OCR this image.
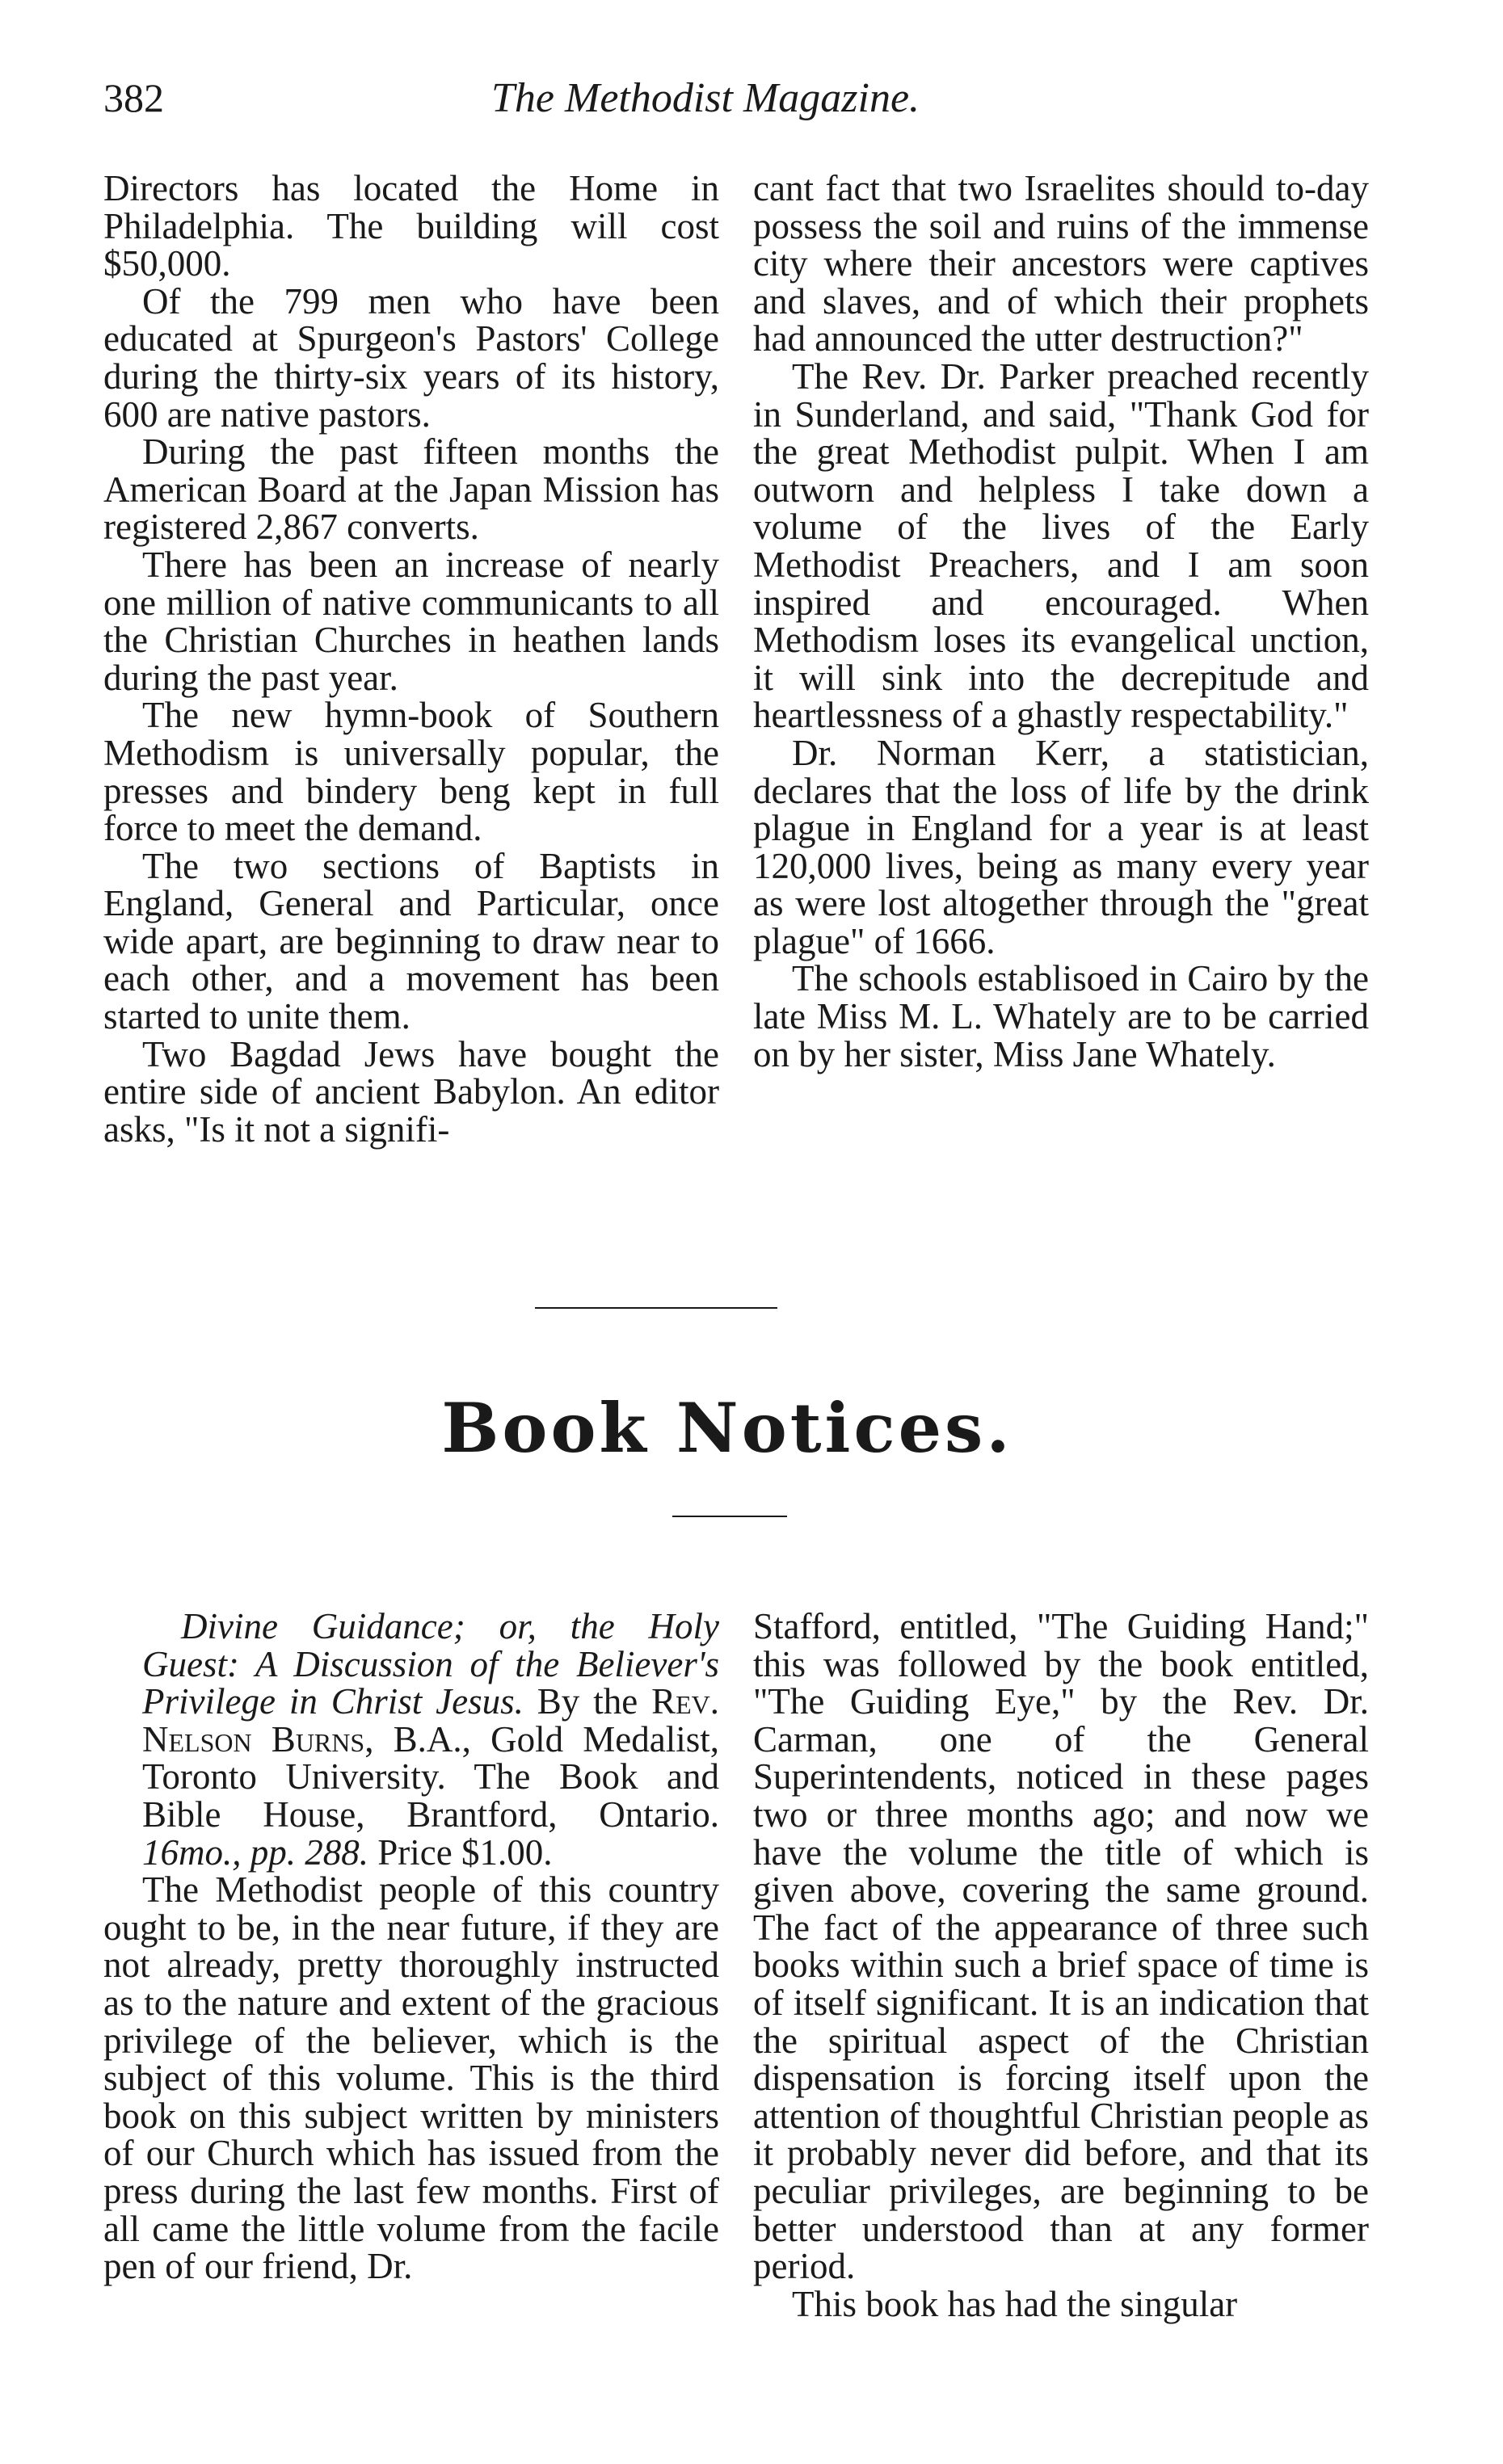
382	The Methodist Magazine.

Directors has located the Home in Philadelphia. The building will cost $50,000.

Of the 799 men who have been educated at Spurgeon's Pastors' College during the thirty-six years of its history, 600 are native pastors.

During the past fifteen months the American Board at the Japan Mission has registered 2,867 converts.

There has been an increase of nearly one million of native communicants to all the Christian Churches in heathen lands during the past year.

The new hymn-book of Southern Methodism is universally popular, the presses and bindery beng kept in full force to meet the demand.

The two sections of Baptists in England, General and Particular, once wide apart, are beginning to draw near to each other, and a movement has been started to unite them.

Two Bagdad Jews have bought the entire side of ancient Babylon. An editor asks, "Is it not a signifi-

cant fact that two Israelites should to-day possess the soil and ruins of the immense city where their ancestors were captives and slaves, and of which their prophets had announced the utter destruction?"

The Rev. Dr. Parker preached recently in Sunderland, and said, "Thank God for the great Methodist pulpit. When I am outworn and helpless I take down a volume of the lives of the Early Methodist Preachers, and I am soon inspired and encouraged. When Methodism loses its evangelical unction, it will sink into the decrepitude and heartlessness of a ghastly respectability."

Dr. Norman Kerr, a statistician, declares that the loss of life by the drink plague in England for a year is at least 120,000 lives, being as many every year as were lost altogether through the "great plague" of 1666.

The schools establisoed in Cairo by the late Miss M. L. Whately are to be carried on by her sister, Miss Jane Whately.

Book Notices.

Divine Guidance; or, the Holy Guest: A Discussion of the Believer's Privilege in Christ Jesus. By the Rev. Nelson Burns, B.A., Gold Medalist, Toronto University. The Book and Bible House, Brantford, Ontario. 16mo., pp. 288. Price $1.00.

The Methodist people of this country ought to be, in the near future, if they are not already, pretty thoroughly instructed as to the nature and extent of the gracious privilege of the believer, which is the subject of this volume. This is the third book on this subject written by ministers of our Church which has issued from the press during the last few months. First of all came the little volume from the facile pen of our friend, Dr.

Stafford, entitled, "The Guiding Hand;" this was followed by the book entitled, "The Guiding Eye," by the Rev. Dr. Carman, one of the General Superintendents, noticed in these pages two or three months ago; and now we have the volume the title of which is given above, covering the same ground. The fact of the appearance of three such books within such a brief space of time is of itself significant. It is an indication that the spiritual aspect of the Christian dispensation is forcing itself upon the attention of thoughtful Christian people as it probably never did before, and that its peculiar privileges, are beginning to be better understood than at any former period.

This book has had the singular
